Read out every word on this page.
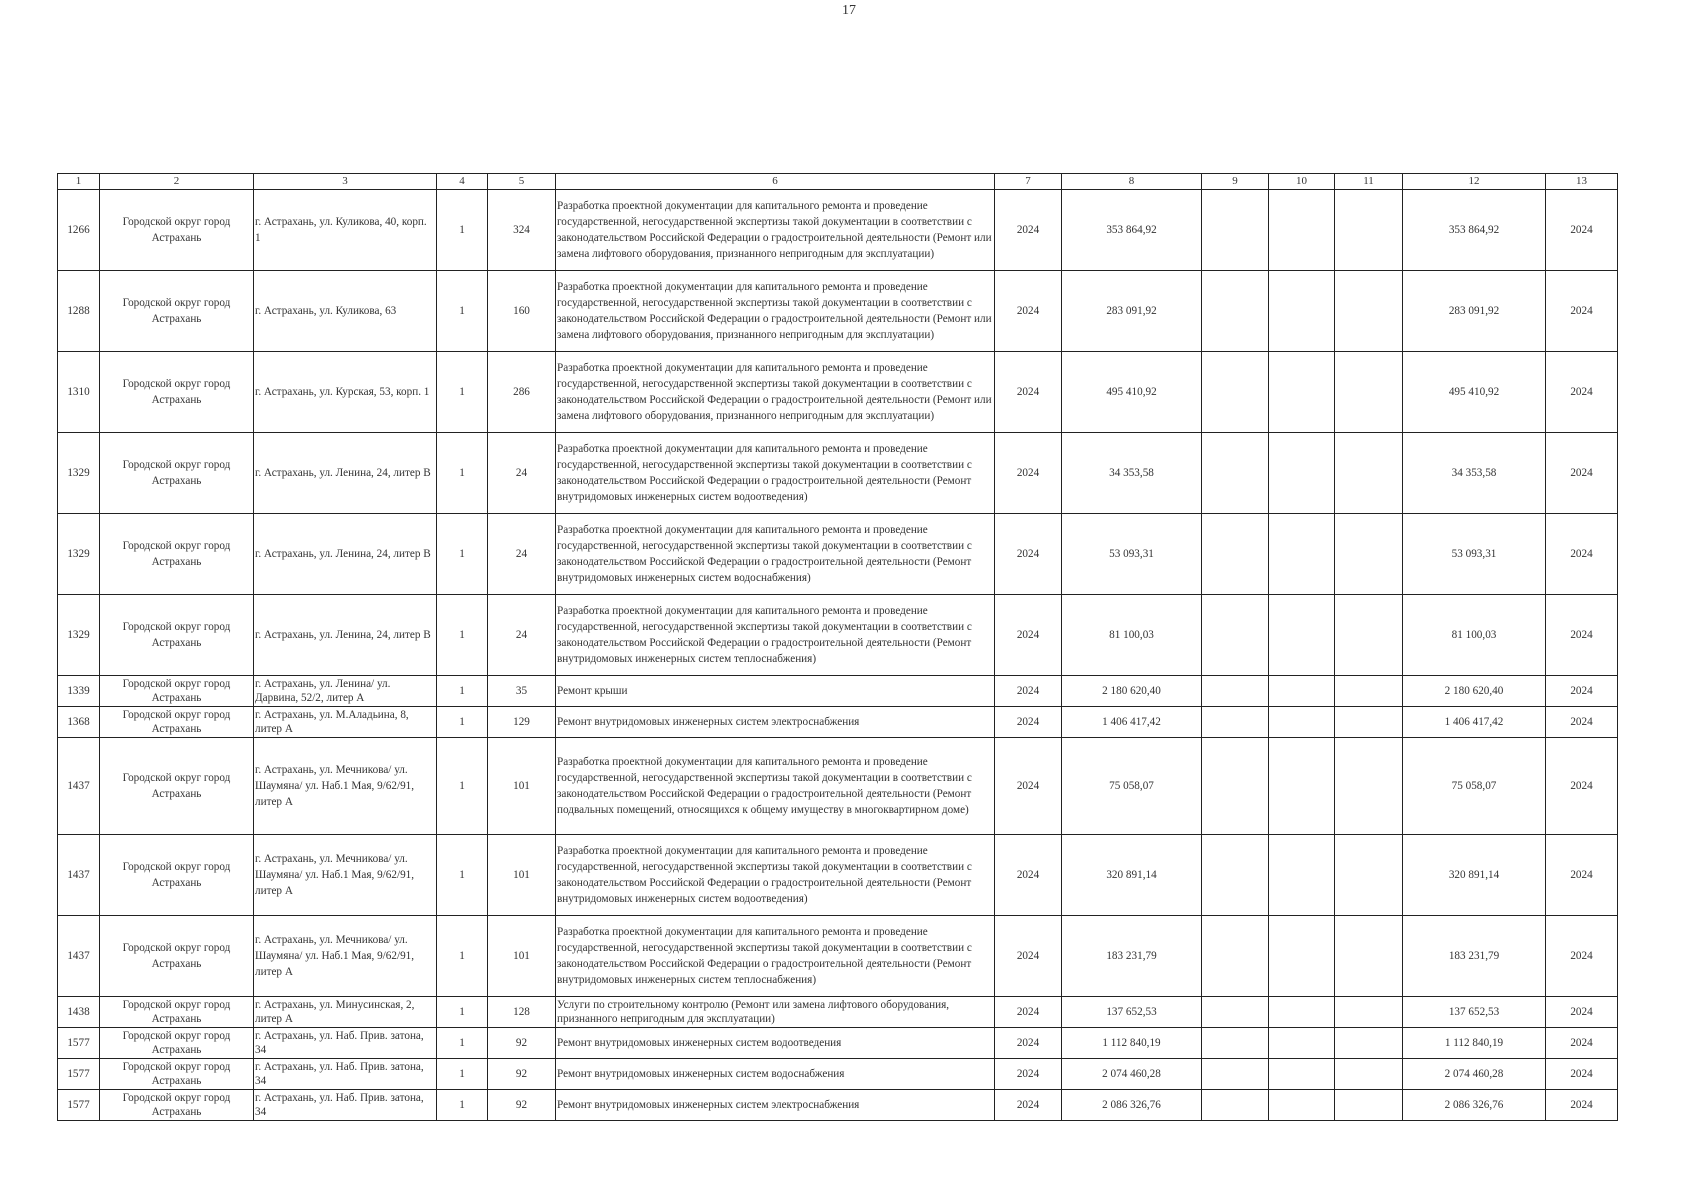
17
1	2	3	4	5	6	7	8	9	10	11	12	13
1266	Городской округ город Астрахань	г. Астрахань, ул. Куликова, 40, корп. 1	1	324	Разработка проектной документации для капитального ремонта и проведение государственной, негосударственной экспертизы такой документации в соответствии с законодательством Российской Федерации о градостроительной деятельности (Ремонт или замена лифтового оборудования, признанного непригодным для эксплуатации)	2024	353 864,92				353 864,92	2024
1288	Городской округ город Астрахань	г. Астрахань, ул. Куликова, 63	1	160	Разработка проектной документации для капитального ремонта и проведение государственной, негосударственной экспертизы такой документации в соответствии с законодательством Российской Федерации о градостроительной деятельности (Ремонт или замена лифтового оборудования, признанного непригодным для эксплуатации)	2024	283 091,92				283 091,92	2024
1310	Городской округ город Астрахань	г. Астрахань, ул. Курская, 53, корп. 1	1	286	Разработка проектной документации для капитального ремонта и проведение государственной, негосударственной экспертизы такой документации в соответствии с законодательством Российской Федерации о градостроительной деятельности (Ремонт или замена лифтового оборудования, признанного непригодным для эксплуатации)	2024	495 410,92				495 410,92	2024
1329	Городской округ город Астрахань	г. Астрахань, ул. Ленина, 24, литер В	1	24	Разработка проектной документации для капитального ремонта и проведение государственной, негосударственной экспертизы такой документации в соответствии с законодательством Российской Федерации о градостроительной деятельности (Ремонт внутридомовых инженерных систем водоотведения)	2024	34 353,58				34 353,58	2024
1329	Городской округ город Астрахань	г. Астрахань, ул. Ленина, 24, литер В	1	24	Разработка проектной документации для капитального ремонта и проведение государственной, негосударственной экспертизы такой документации в соответствии с законодательством Российской Федерации о градостроительной деятельности (Ремонт внутридомовых инженерных систем водоснабжения)	2024	53 093,31				53 093,31	2024
1329	Городской округ город Астрахань	г. Астрахань, ул. Ленина, 24, литер В	1	24	Разработка проектной документации для капитального ремонта и проведение государственной, негосударственной экспертизы такой документации в соответствии с законодательством Российской Федерации о градостроительной деятельности (Ремонт внутридомовых инженерных систем теплоснабжения)	2024	81 100,03				81 100,03	2024
1339	Городской округ город Астрахань	г. Астрахань, ул. Ленина/ ул. Дарвина, 52/2, литер А	1	35	Ремонт крыши	2024	2 180 620,40				2 180 620,40	2024
1368	Городской округ город Астрахань	г. Астрахань, ул. М.Аладьина, 8, литер А	1	129	Ремонт внутридомовых инженерных систем электроснабжения	2024	1 406 417,42				1 406 417,42	2024
1437	Городской округ город Астрахань	г. Астрахань, ул. Мечникова/ ул. Шаумяна/ ул. Наб.1 Мая, 9/62/91, литер А	1	101	Разработка проектной документации для капитального ремонта и проведение государственной, негосударственной экспертизы такой документации в соответствии с законодательством Российской Федерации о градостроительной деятельности (Ремонт подвальных помещений, относящихся к общему имуществу в многоквартирном доме)	2024	75 058,07				75 058,07	2024
1437	Городской округ город Астрахань	г. Астрахань, ул. Мечникова/ ул. Шаумяна/ ул. Наб.1 Мая, 9/62/91, литер А	1	101	Разработка проектной документации для капитального ремонта и проведение государственной, негосударственной экспертизы такой документации в соответствии с законодательством Российской Федерации о градостроительной деятельности (Ремонт внутридомовых инженерных систем водоотведения)	2024	320 891,14				320 891,14	2024
1437	Городской округ город Астрахань	г. Астрахань, ул. Мечникова/ ул. Шаумяна/ ул. Наб.1 Мая, 9/62/91, литер А	1	101	Разработка проектной документации для капитального ремонта и проведение государственной, негосударственной экспертизы такой документации в соответствии с законодательством Российской Федерации о градостроительной деятельности (Ремонт внутридомовых инженерных систем теплоснабжения)	2024	183 231,79				183 231,79	2024
1438	Городской округ город Астрахань	г. Астрахань, ул. Минусинская, 2, литер А	1	128	Услуги по строительному контролю (Ремонт или замена лифтового оборудования, признанного непригодным для эксплуатации)	2024	137 652,53				137 652,53	2024
1577	Городской округ город Астрахань	г. Астрахань, ул. Наб. Прив. затона, 34	1	92	Ремонт внутридомовых инженерных систем водоотведения	2024	1 112 840,19				1 112 840,19	2024
1577	Городской округ город Астрахань	г. Астрахань, ул. Наб. Прив. затона, 34	1	92	Ремонт внутридомовых инженерных систем водоснабжения	2024	2 074 460,28				2 074 460,28	2024
1577	Городской округ город Астрахань	г. Астрахань, ул. Наб. Прив. затона, 34	1	92	Ремонт внутридомовых инженерных систем электроснабжения	2024	2 086 326,76				2 086 326,76	2024
